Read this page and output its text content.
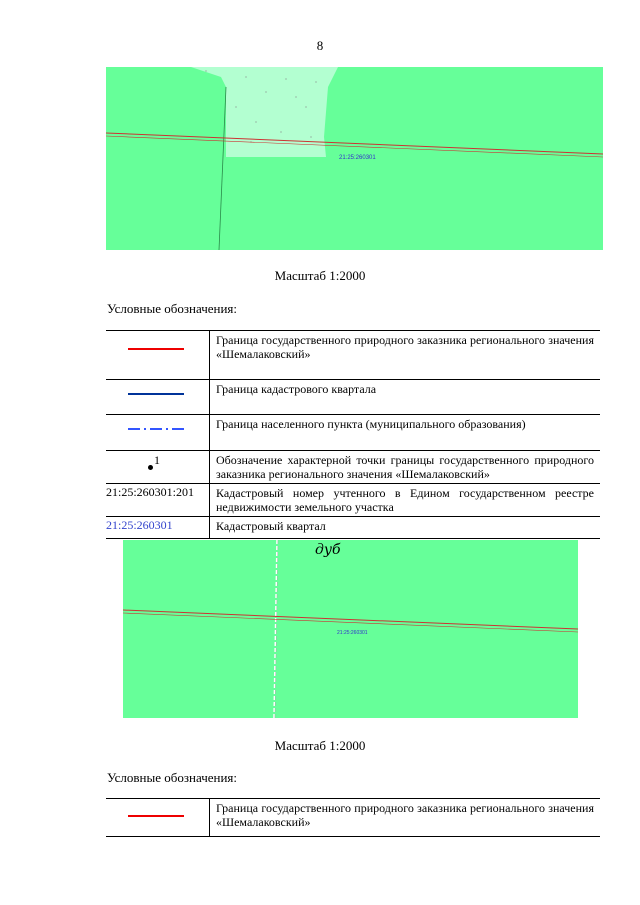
8
21:25:260301
Масштаб 1:2000
Условные обозначения:
	Граница государственного природного заказника регионального значения «Шемалаковский»
	Граница кадастрового квартала
	Граница населенного пункта (муниципального образования)

1	Обозначение характерной точки границы государственного природного заказника регионального значения «Шемалаковский»
21:25:260301:201	Кадастровый номер учтенного в Едином государственном реестре недвижимости земельного участка
21:25:260301	Кадастровый квартал
дуб
21:25:260301
Масштаб 1:2000
Условные обозначения:
	Граница государственного природного заказника регионального значения «Шемалаковский»
